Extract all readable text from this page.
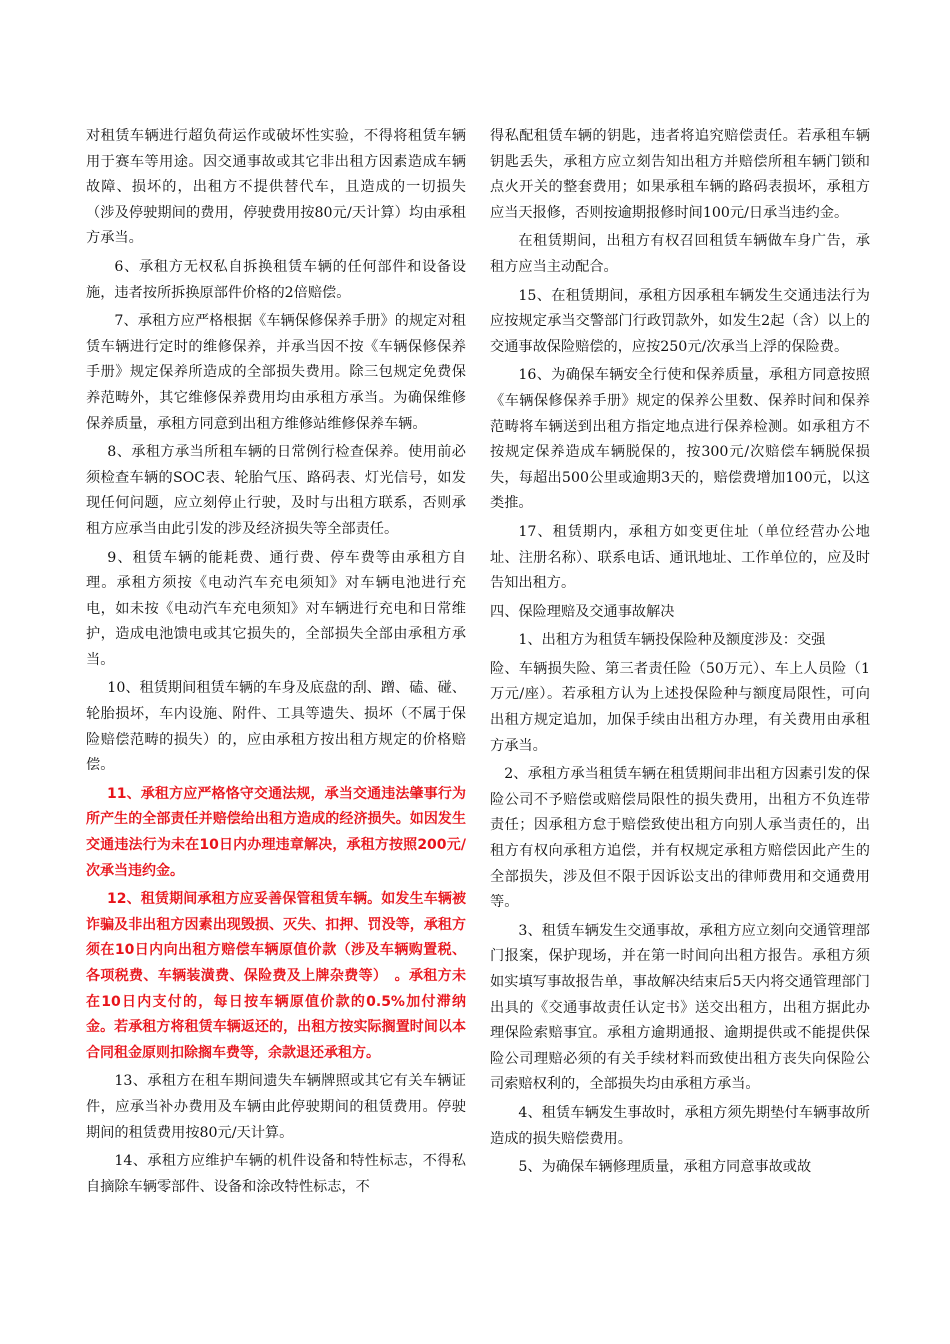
对租赁车辆进行超负荷运作或破坏性实验，不得将租赁车辆用于赛车等用途。因交通事故或其它非出租方因素造成车辆故障、损坏的，出租方不提供替代车，且造成的一切损失（涉及停驶期间的费用，停驶费用按80元/天计算）均由承租方承当。

6、承租方无权私自拆换租赁车辆的任何部件和设备设施，违者按所拆换原部件价格的2倍赔偿。

7、承租方应严格根据《车辆保修保养手册》的规定对租赁车辆进行定时的维修保养，并承当因不按《车辆保修保养手册》规定保养所造成的全部损失费用。除三包规定免费保养范畴外，其它维修保养费用均由承租方承当。为确保维修保养质量，承租方同意到出租方维修站维修保养车辆。

8、承租方承当所租车辆的日常例行检查保养。使用前必须检查车辆的SOC表、轮胎气压、路码表、灯光信号，如发现任何问题，应立刻停止行驶，及时与出租方联系，否则承租方应承当由此引发的涉及经济损失等全部责任。

9、租赁车辆的能耗费、通行费、停车费等由承租方自理。承租方须按《电动汽车充电须知》对车辆电池进行充电，如未按《电动汽车充电须知》对车辆进行充电和日常维护，造成电池馈电或其它损失的，全部损失全部由承租方承当。

10、租赁期间租赁车辆的车身及底盘的刮、蹭、磕、碰、轮胎损坏，车内设施、附件、工具等遗失、损坏（不属于保险赔偿范畴的损失）的，应由承租方按出租方规定的价格赔偿。

11、承租方应严格恪守交通法规，承当交通违法肇事行为所产生的全部责任并赔偿给出租方造成的经济损失。如因发生交通违法行为未在10日内办理违章解决，承租方按照200元/次承当违约金。

12、租赁期间承租方应妥善保管租赁车辆。如发生车辆被诈骗及非出租方因素出现毁损、灭失、扣押、罚没等，承租方须在10日内向出租方赔偿车辆原值价款（涉及车辆购置税、各项税费、车辆装潢费、保险费及上牌杂费等）　。承租方未在10日内支付的，每日按车辆原值价款的0.5%加付滞纳金。若承租方将租赁车辆返还的，出租方按实际搁置时间以本合同租金原则扣除搁车费等，余款退还承租方。

13、承租方在租车期间遗失车辆牌照或其它有关车辆证件，应承当补办费用及车辆由此停驶期间的租赁费用。停驶期间的租赁费用按80元/天计算。

14、承租方应维护车辆的机件设备和特性标志，不得私自摘除车辆零部件、设备和涂改特性标志，不

得私配租赁车辆的钥匙，违者将追究赔偿责任。若承租车辆钥匙丢失，承租方应立刻告知出租方并赔偿所租车辆门锁和点火开关的整套费用；如果承租车辆的路码表损坏，承租方应当天报修，否则按逾期报修时间100元/日承当违约金。

在租赁期间，出租方有权召回租赁车辆做车身广告，承租方应当主动配合。

15、在租赁期间，承租方因承租车辆发生交通违法行为应按规定承当交警部门行政罚款外，如发生2起（含）以上的交通事故保险赔偿的，应按250元/次承当上浮的保险费。

16、为确保车辆安全行使和保养质量，承租方同意按照《车辆保修保养手册》规定的保养公里数、保养时间和保养范畴将车辆送到出租方指定地点进行保养检测。如承租方不按规定保养造成车辆脱保的，按300元/次赔偿车辆脱保损失，每超出500公里或逾期3天的，赔偿费增加100元，以这类推。

17、租赁期内，承租方如变更住址（单位经营办公地址、注册名称）、联系电话、通讯地址、工作单位的，应及时告知出租方。

四、保险理赔及交通事故解决

1、出租方为租赁车辆投保险种及额度涉及：交强

险、车辆损失险、第三者责任险（50万元）、车上人员险（1万元/座）。若承租方认为上述投保险种与额度局限性，可向出租方规定追加，加保手续由出租方办理，有关费用由承租方承当。

2、承租方承当租赁车辆在租赁期间非出租方因素引发的保险公司不予赔偿或赔偿局限性的损失费用，出租方不负连带责任；因承租方怠于赔偿致使出租方向别人承当责任的，出租方有权向承租方追偿，并有权规定承租方赔偿因此产生的全部损失，涉及但不限于因诉讼支出的律师费用和交通费用等。

3、租赁车辆发生交通事故，承租方应立刻向交通管理部门报案，保护现场，并在第一时间向出租方报告。承租方须如实填写事故报告单，事故解决结束后5天内将交通管理部门出具的《交通事故责任认定书》送交出租方，出租方据此办理保险索赔事宜。承租方逾期通报、逾期提供或不能提供保险公司理赔必须的有关手续材料而致使出租方丧失向保险公司索赔权利的，全部损失均由承租方承当。

4、租赁车辆发生事故时，承租方须先期垫付车辆事故所造成的损失赔偿费用。

5、为确保车辆修理质量，承租方同意事故或故
